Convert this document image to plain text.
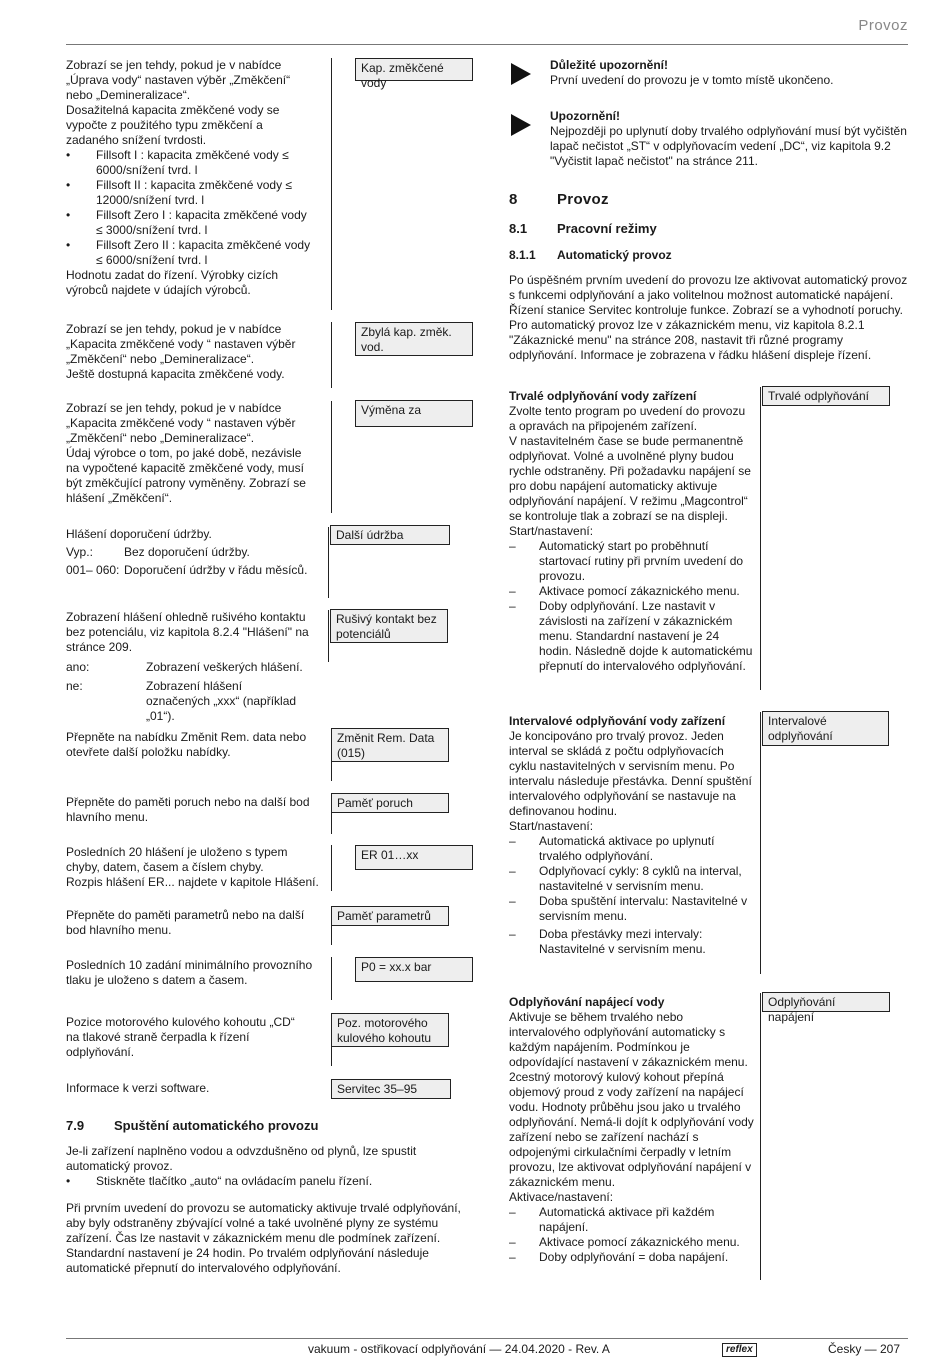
Provoz
Zobrazí se jen tehdy, pokud je v nabídce „Úprava vody“ nastaven výběr „Změkčení“ nebo „Demineralizace“.
Dosažitelná kapacita změkčené vody se vypočte z použitého typu změkčení a zadaného snížení tvrdosti.
• Fillsoft I : kapacita změkčené vody ≤ 6000/snížení tvrd. l
• Fillsoft II : kapacita změkčené vody ≤ 12000/snížení tvrd. l
• Fillsoft Zero I : kapacita změkčené vody ≤ 3000/snížení tvrd. l
• Fillsoft Zero II : kapacita změkčené vody ≤ 6000/snížení tvrd. l
Hodnotu zadat do řízení. Výrobky cizích výrobců najdete v údajích výrobců.
Kap. změkčené vody
Zobrazí se jen tehdy, pokud je v nabídce „Kapacita změkčené vody “ nastaven výběr „Změkčení“ nebo „Demineralizace“.
Ještě dostupná kapacita změkčené vody.
Zbylá kap. změk. vod.
Zobrazí se jen tehdy, pokud je v nabídce „Kapacita změkčené vody “ nastaven výběr „Změkčení“ nebo „Demineralizace“.
Údaj výrobce o tom, po jaké době, nezávisle na vypočtené kapacitě změkčené vody, musí být změkčující patrony vyměněny. Zobrazí se hlášení „Změkčení“.
Výměna za
Hlášení doporučení údržby.
Vyp.:	Bez doporučení údržby.
001– 060: Doporučení údržby v řádu měsíců.
Další údržba
Zobrazení hlášení ohledně rušivého kontaktu bez potenciálu, viz kapitola 8.2.4 "Hlášení" na stránce 209.
ano:	Zobrazení veškerých hlášení.
ne:	Zobrazení hlášení označených „xxx“ (například „01“).
Rušivý kontakt bez potenciálů
Přepněte na nabídku Změnit Rem. data nebo otevřete další položku nabídky.
Změnit Rem. Data (015)
Přepněte do paměti poruch nebo na další bod hlavního menu.
Paměť poruch
Posledních 20 hlášení je uloženo s typem chyby, datem, časem a číslem chyby.
Rozpis hlášení ER... najdete v kapitole Hlášení.
ER 01…xx
Přepněte do paměti parametrů nebo na další bod hlavního menu.
Paměť parametrů
Posledních 10 zadání minimálního provozního tlaku je uloženo s datem a časem.
P0 = xx.x bar
Pozice motorového kulového kohoutu „CD“ na tlakové straně čerpadla k řízení odplyňování.
Poz. motorového kulového kohoutu
Informace k verzi software.	Servitec 35–95
7.9 Spuštění automatického provozu
Je-li zařízení naplněno vodou a odvzdušněno od plynů, lze spustit automatický provoz.
• Stiskněte tlačítko „auto“ na ovládacím panelu řízení.
Při prvním uvedení do provozu se automaticky aktivuje trvalé odplyňování, aby byly odstraněny zbývající volné a také uvolněné plyny ze systému zařízení. Čas lze nastavit v zákaznickém menu dle podmínek zařízení. Standardní nastavení je 24 hodin. Po trvalém odplyňování následuje automatické přepnutí do intervalového odplyňování.
Důležité upozornění!
První uvedení do provozu je v tomto místě ukončeno.
Upozornění!
Nejpozději po uplynutí doby trvalého odplyňování musí být vyčištěn lapač nečistot „ST“ v odplyňovacím vedení „DC“, viz kapitola 9.2 "Vyčistit lapač nečistot" na stránce 211.
8	Provoz
8.1 Pracovní režimy
8.1.1 Automatický provoz
Po úspěšném prvním uvedení do provozu lze aktivovat automatický provoz s funkcemi odplyňování a jako volitelnou možnost automatické napájení. Řízení stanice Servitec kontroluje funkce. Zobrazí se a vyhodnotí poruchy.
Pro automatický provoz lze v zákaznickém menu, viz kapitola 8.2.1 "Zákaznické menu" na stránce 208, nastavit tři různé programy odplyňování. Informace je zobrazena v řádku hlášení displeje řízení.
Trvalé odplyňování vody zařízení
Zvolte tento program po uvedení do provozu a opravách na připojeném zařízení.
V nastavitelném čase se bude permanentně odplyňovat. Volné a uvolněné plyny budou rychle odstraněny. Při požadavku napájení se pro dobu napájení automaticky aktivuje odplyňování napájení. V režimu „Magcontrol“ se kontroluje tlak a zobrazí se na displeji.
Start/nastavení:
– Automatický start po proběhnutí startovací rutiny při prvním uvedení do provozu.
– Aktivace pomocí zákaznického menu.
– Doby odplyňování. Lze nastavit v závislosti na zařízení v zákaznickém menu. Standardní nastavení je 24 hodin. Následně dojde k automatickému přepnutí do intervalového odplyňování.
Trvalé odplyňování
Intervalové odplyňování vody zařízení
Je koncipováno pro trvalý provoz. Jeden interval se skládá z počtu odplyňovacích cyklu nastavitelných v servisním menu. Po intervalu následuje přestávka. Denní spuštění intervalového odplyňování se nastavuje na definovanou hodinu.
Start/nastavení:
– Automatická aktivace po uplynutí trvalého odplyňování.
– Odplyňovací cykly: 8 cyklů na interval, nastavitelné v servisním menu.
– Doba spuštění intervalu: Nastavitelné v servisním menu.
– Doba přestávky mezi intervaly: Nastavitelné v servisním menu.
Intervalové odplyňování
Odplyňování napájecí vody
Aktivuje se během trvalého nebo intervalového odplyňování automaticky s každým napájením. Podmínkou je odpovídající nastavení v zákaznickém menu.
2cestný motorový kulový kohout přepíná objemový proud z vody zařízení na napájecí vodu. Hodnoty průběhu jsou jako u trvalého odplyňování. Nemá-li dojít k odplyňování vody zařízení nebo se zařízení nachází s odpojenými cirkulačními čerpadly v letním provozu, lze aktivovat odplyňování napájení v zákaznickém menu.
Aktivace/nastavení:
– Automatická aktivace při každém napájení.
– Aktivace pomocí zákaznického menu.
– Doby odplyňování = doba napájení.
Odplyňování napájení
vakuum - ostřikovací odplyňování — 24.04.2020 - Rev. A	reflex	Česky — 207
